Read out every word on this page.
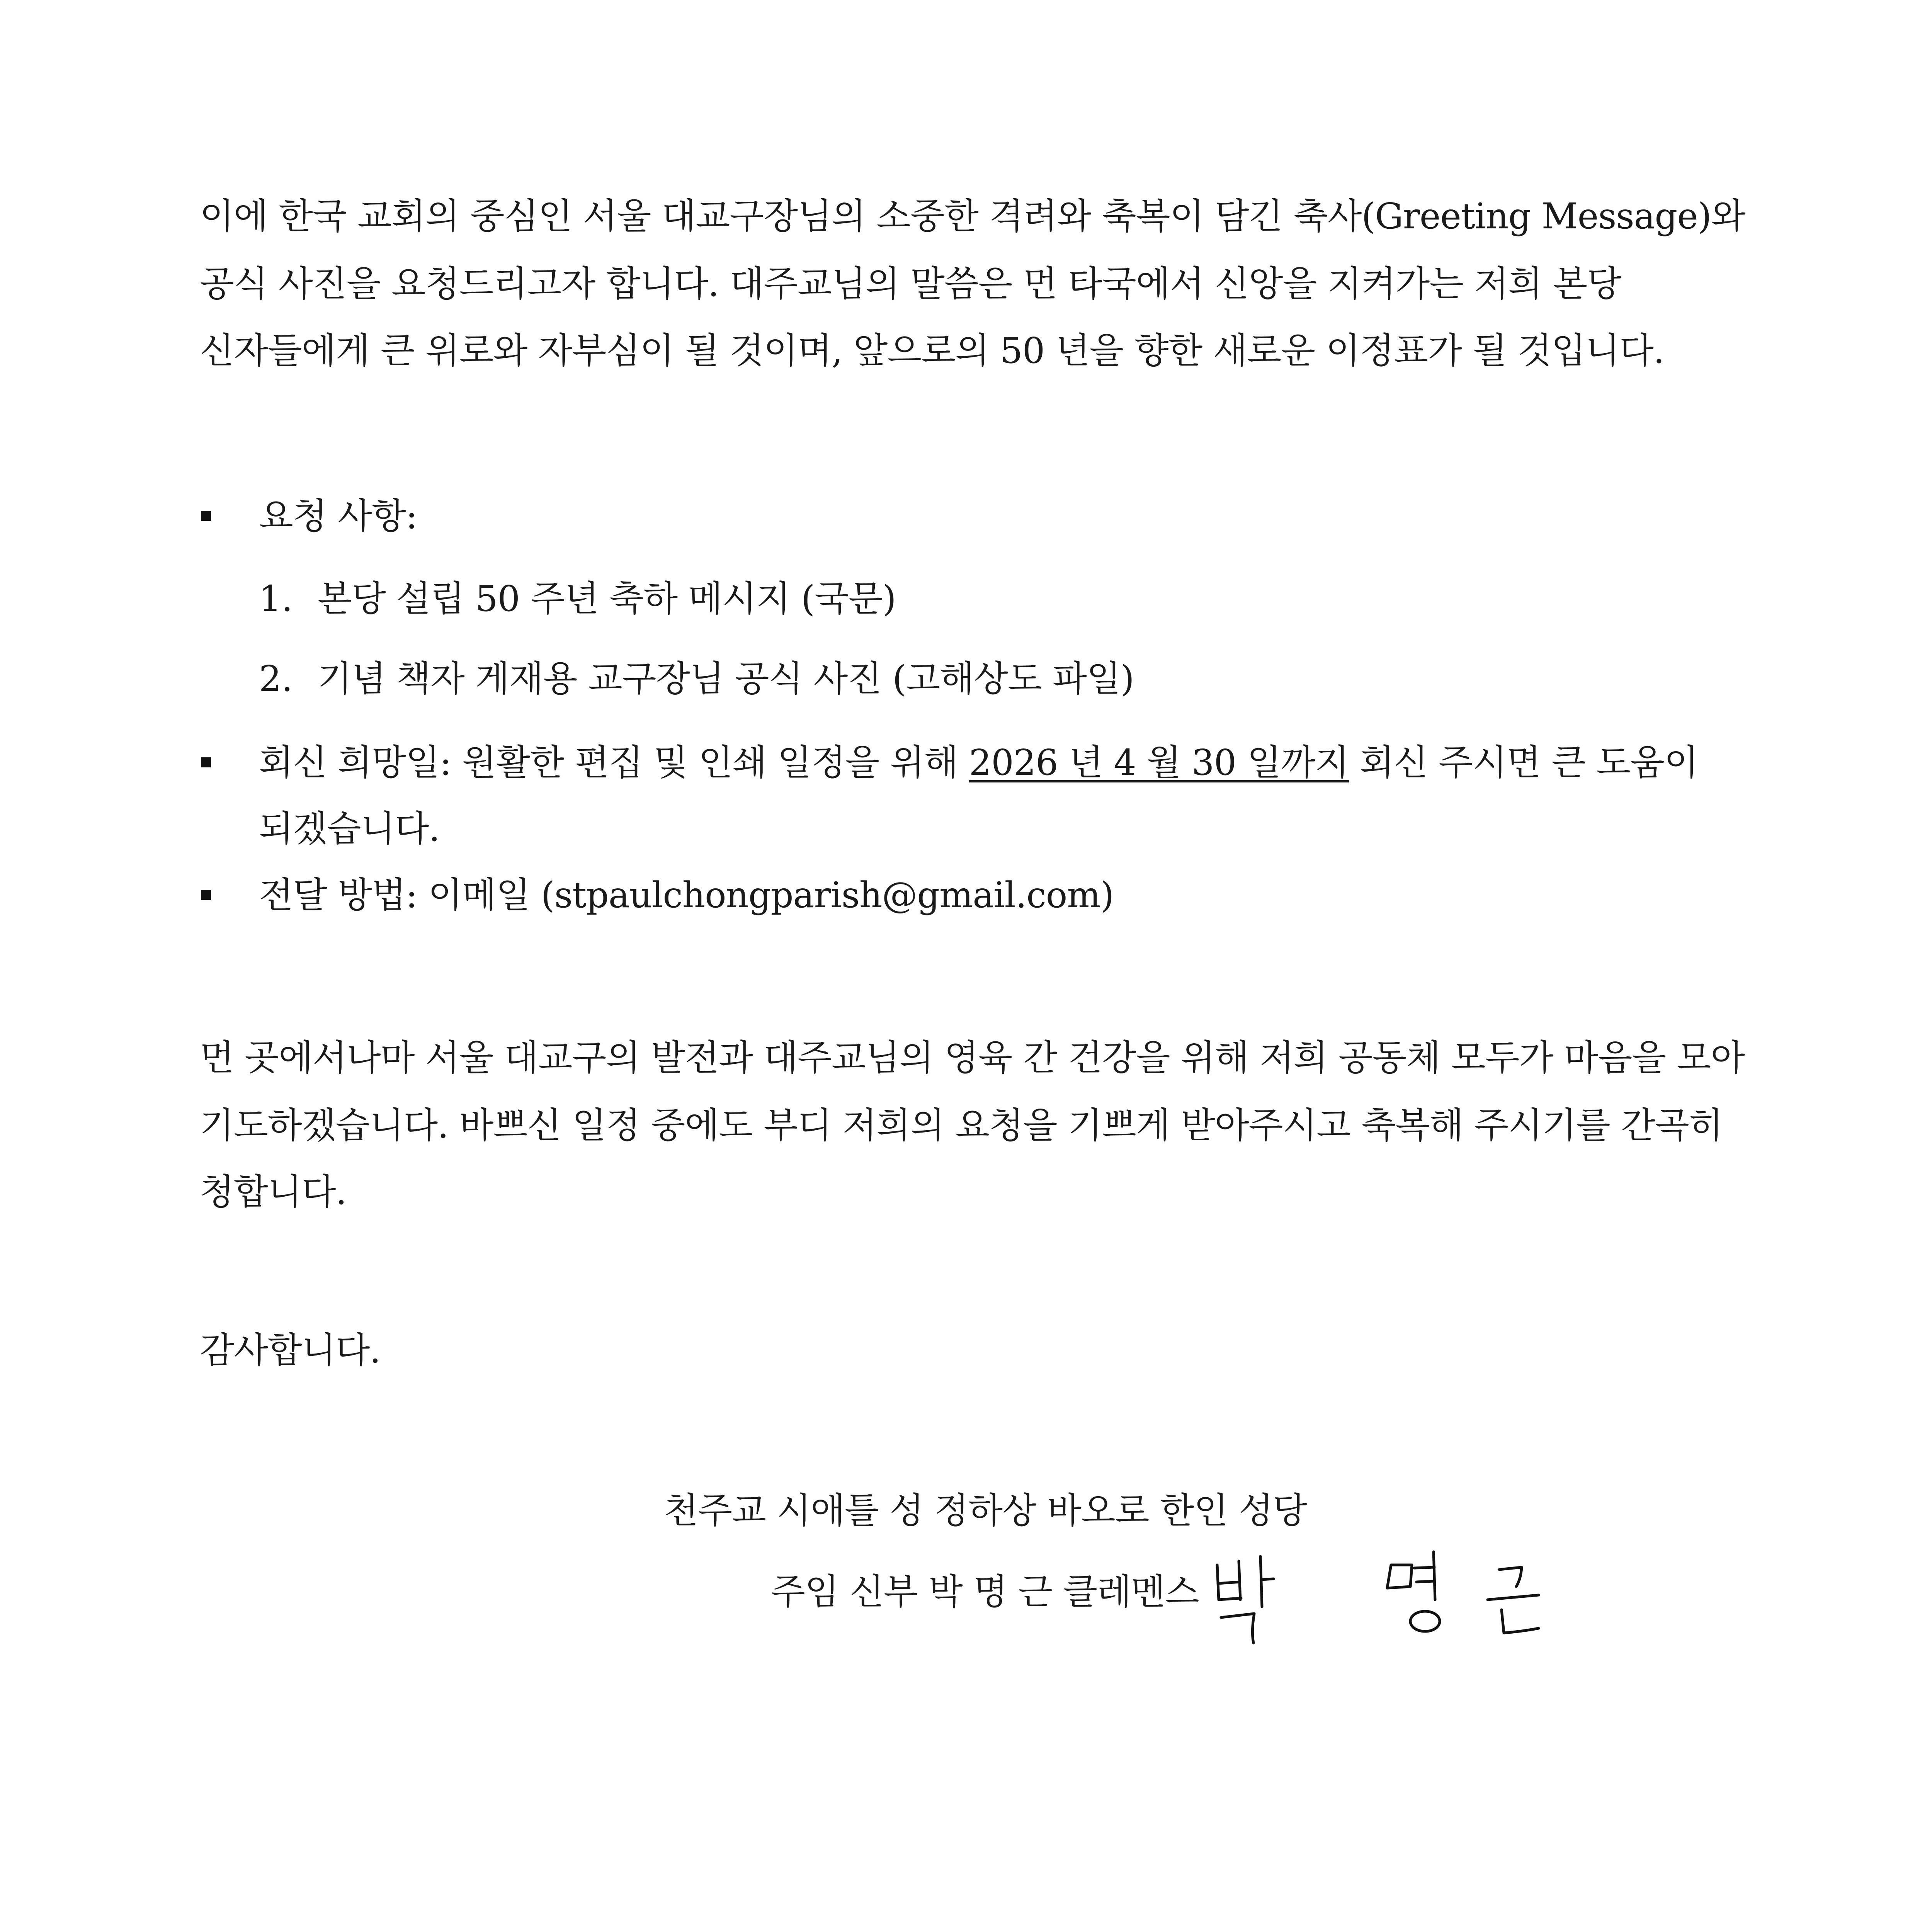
이에 한국 교회의 중심인 서울 대교구장님의 소중한 격려와 축복이 담긴 축사(Greeting Message)와
공식 사진을 요청드리고자 합니다. 대주교님의 말씀은 먼 타국에서 신앙을 지켜가는 저희 본당
신자들에게 큰 위로와 자부심이 될 것이며, 앞으로의 50 년을 향한 새로운 이정표가 될 것입니다.
요청 사항:
1. 본당 설립 50 주년 축하 메시지 (국문)
2. 기념 책자 게재용 교구장님 공식 사진 (고해상도 파일)
회신 희망일: 원활한 편집 및 인쇄 일정을 위해 2026 년 4 월 30 일까지 회신 주시면 큰 도움이
되겠습니다.
전달 방법: 이메일 (stpaulchongparish@gmail.com)
먼 곳에서나마 서울 대교구의 발전과 대주교님의 영육 간 건강을 위해 저희 공동체 모두가 마음을 모아
기도하겠습니다. 바쁘신 일정 중에도 부디 저희의 요청을 기쁘게 받아주시고 축복해 주시기를 간곡히
청합니다.
감사합니다.
천주교 시애틀 성 정하상 바오로 한인 성당
주임 신부 박 명 근 클레멘스
